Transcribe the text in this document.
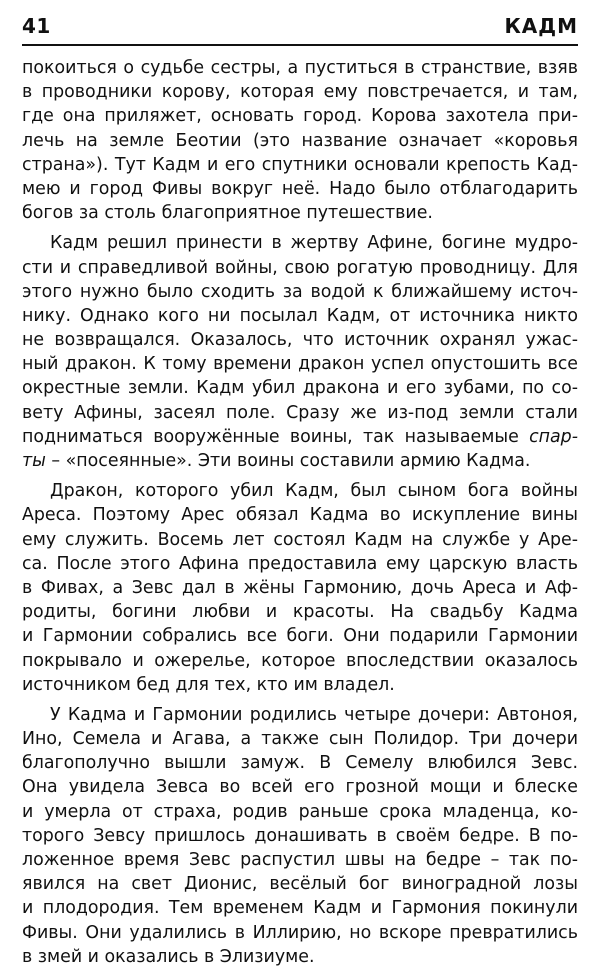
41	КАДМ
покоиться о судьбе сестры, а пуститься в странствие, взяв
в проводники корову, которая ему повстречается, и там,
где она приляжет, основать город. Корова захотела при-
лечь на земле Беотии (это название означает «коровья
страна»). Тут Кадм и его спутники основали крепость Кад-
мею и город Фивы вокруг неё. Надо было отблагодарить
богов за столь благоприятное путешествие.
Кадм решил принести в жертву Афине, богине мудро-
сти и справедливой войны, свою рогатую проводницу. Для
этого нужно было сходить за водой к ближайшему источ-
нику. Однако кого ни посылал Кадм, от источника никто
не возвращался. Оказалось, что источник охранял ужас-
ный дракон. К тому времени дракон успел опустошить все
окрестные земли. Кадм убил дракона и его зубами, по со-
вету Афины, засеял поле. Сразу же из-под земли стали
подниматься вооружённые воины, так называемые спар-
ты – «посеянные». Эти воины составили армию Кадма.
Дракон, которого убил Кадм, был сыном бога войны
Ареса. Поэтому Арес обязал Кадма во искупление вины
ему служить. Восемь лет состоял Кадм на службе у Аре-
са. После этого Афина предоставила ему царскую власть
в Фивах, а Зевс дал в жёны Гармонию, дочь Ареса и Аф-
родиты, богини любви и красоты. На свадьбу Кадма
и Гармонии собрались все боги. Они подарили Гармонии
покрывало и ожерелье, которое впоследствии оказалось
источником бед для тех, кто им владел.
У Кадма и Гармонии родились четыре дочери: Автоноя,
Ино, Семела и Агава, а также сын Полидор. Три дочери
благополучно вышли замуж. В Семелу влюбился Зевс.
Она увидела Зевса во всей его грозной мощи и блеске
и умерла от страха, родив раньше срока младенца, ко-
торого Зевсу пришлось донашивать в своём бедре. В по-
ложенное время Зевс распустил швы на бедре – так по-
явился на свет Дионис, весёлый бог виноградной лозы
и плодородия. Тем временем Кадм и Гармония покинули
Фивы. Они удалились в Иллирию, но вскоре превратились
в змей и оказались в Элизиуме.
